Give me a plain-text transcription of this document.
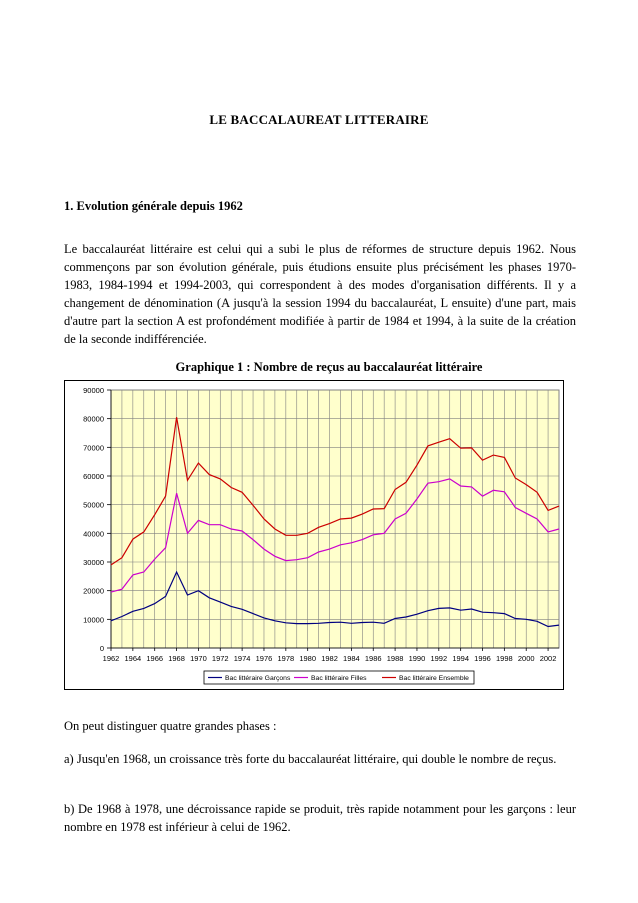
LE BACCALAUREAT LITTERAIRE
1. Evolution générale depuis 1962

Le baccalauréat littéraire est celui qui a subi le plus de réformes de structure depuis 1962. Nous commençons par son évolution générale, puis étudions ensuite plus précisément les phases 1970-1983, 1984-1994 et 1994-2003, qui correspondent à des modes d'organisation différents. Il y a changement de dénomination (A jusqu'à la session 1994 du baccalauréat, L ensuite) d'une part, mais d'autre part la section A est profondément modifiée à partir de 1984 et 1994, à la suite de la création de la seconde indifférenciée.

Graphique 1 : Nombre de reçus au baccalauréat littéraire
0
10000
20000
30000
40000
50000
60000
70000
80000
90000
1962 1964 1966 1968 1970 1972 1974 1976 1978 1980 1982 1984 1986 1988 1990 1992 1994 1996 1998 2000 2002
Bac littéraire Garçons	Bac littéraire Filles	Bac littéraire Ensemble

On peut distinguer quatre grandes phases :

a) Jusqu'en 1968, un croissance très forte du baccalauréat littéraire, qui double le nombre de reçus.

b) De 1968 à 1978, une décroissance rapide se produit, très rapide notamment pour les garçons : leur nombre en 1978 est inférieur à celui de 1962.
